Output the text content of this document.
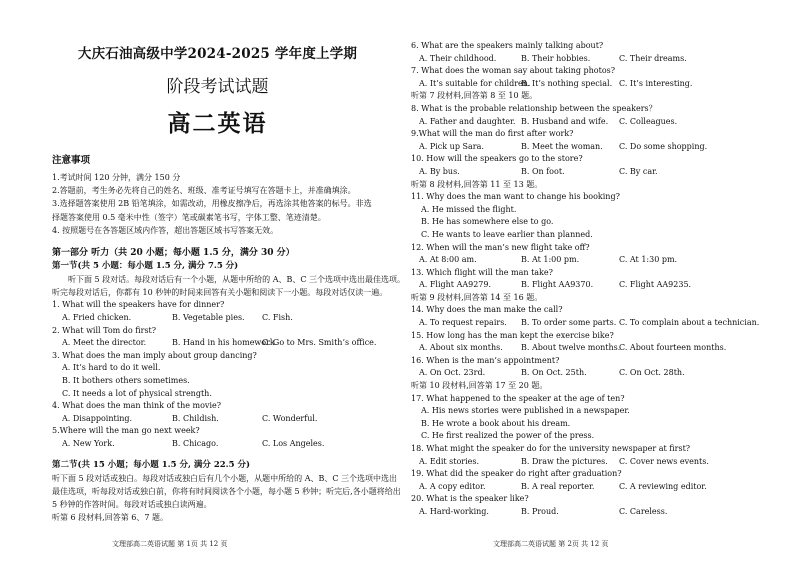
大庆石油高级中学2024-2025 学年度上学期
阶段考试试题
高二英语
注意事项
1.考试时间 120 分钟，满分 150 分
2.答题前，考生务必先将自己的姓名、班级、准考证号填写在答题卡上，并准确填涂。
3.选择题答案使用 2B 铅笔填涂，如需改动，用橡皮擦净后，再选涂其他答案的标号。非选
择题答案使用 0.5 毫米中性（签字）笔或碳素笔书写，字体工整、笔迹清楚。
4. 按照题号在各答题区域内作答，超出答题区域书写答案无效。
第一部分 听力（共 20 小题；每小题 1.5 分，满分 30 分）
第一节(共 5 小题：每小题 1.5 分, 满分 7.5 分)
听下面 5 段对话。每段对话后有一个小题，从题中所给的 A、B、C 三个选项中选出最佳选项。
听完每段对话后，你都有 10 秒钟的时间来回答有关小题和阅读下一小题。每段对话仅读一遍。
1. What will the speakers have for dinner?
A. Fried chicken.	B. Vegetable pies. C. Fish.
2. What will Tom do first?
A. Meet the director.	B. Hand in his homework.
C. Go to Mrs. Smith’s office.
3. What does the man imply about group dancing?
A. It’s hard to do it well.
B. It bothers others sometimes.
C. It needs a lot of physical strength.
4. What does the man think of the movie?
A. Disappointing.	B. Childish.	C. Wonderful.
5.Where will the man go next week?
A. New York.	B. Chicago.	C. Los Angeles.
第二节(共 15 小题；每小题 1.5 分, 满分 22.5 分)
听下面 5 段对话或独白。每段对话或独白后有几个小题，从题中所给的 A、B、C 三个选项中选出
最佳选项，听每段对话或独白前，你将有时间阅读各个小题，每小题 5 秒钟；听完后,各小题将给出
5 秒钟的作答时间。每段对话或独白读两遍。
听第 6 段材料,回答第 6、7 题。
文理部高二英语试题 第 1页 共 12 页
6. What are the speakers mainly talking about?
A. Their childhood.	B. Their hobbies.	C. Their dreams.
7. What does the woman say about taking photos?
A. It’s suitable for children.
B. It’s nothing special. C. It’s interesting.
听第 7 段材料,回答第 8 至 10 题。
8. What is the probable relationship between the speakers？
A. Father and daughter. B. Husband and wife. C. Colleagues.
9.What will the man do first after work?
A. Pick up Sara.	B. Meet the woman. C. Do some shopping.
10. How will the speakers go to the store?
A. By bus.	B. On foot.	C. By car.
听第 8 段材料,回答第 11 至 13 题。
11. Why does the man want to change his booking?
A. He missed the flight.
B. He has somewhere else to go.
C. He wants to leave earlier than planned.
12. When will the man’s new flight take off?
A. At 8:00 am.	B. At 1:00 pm.	C. At 1:30 pm.
13. Which flight will the man take?
A. Flight AA9279.	B. Flight AA9370.	C. Flight AA9235.
听第 9 段材料,回答第 14 至 16 题。
14. Why does the man make the call?
A. To request repairs. B. To order some parts. C. To complain about a technician.
15. How long has the man kept the exercise bike?
A. About six months. B. About twelve months.
C. About fourteen months.
16. When is the man’s appointment?
A. On Oct. 23rd.	B. On Oct. 25th.	C. On Oct. 28th.
听第 10 段材料,回答第 17 至 20 题。
17. What happened to the speaker at the age of ten?
A. His news stories were published in a newspaper.
B. He wrote a book about his dream.
C. He first realized the power of the press.
18. What might the speaker do for the university newspaper at first?
A. Edit stories.	B. Draw the pictures. C. Cover news events.
19. What did the speaker do right after graduation?
A. A copy editor.	B. A real reporter.	C. A reviewing editor.
20. What is the speaker like?
A. Hard-working.	B. Proud.	C. Careless.
文理部高二英语试题 第 2页 共 12 页
